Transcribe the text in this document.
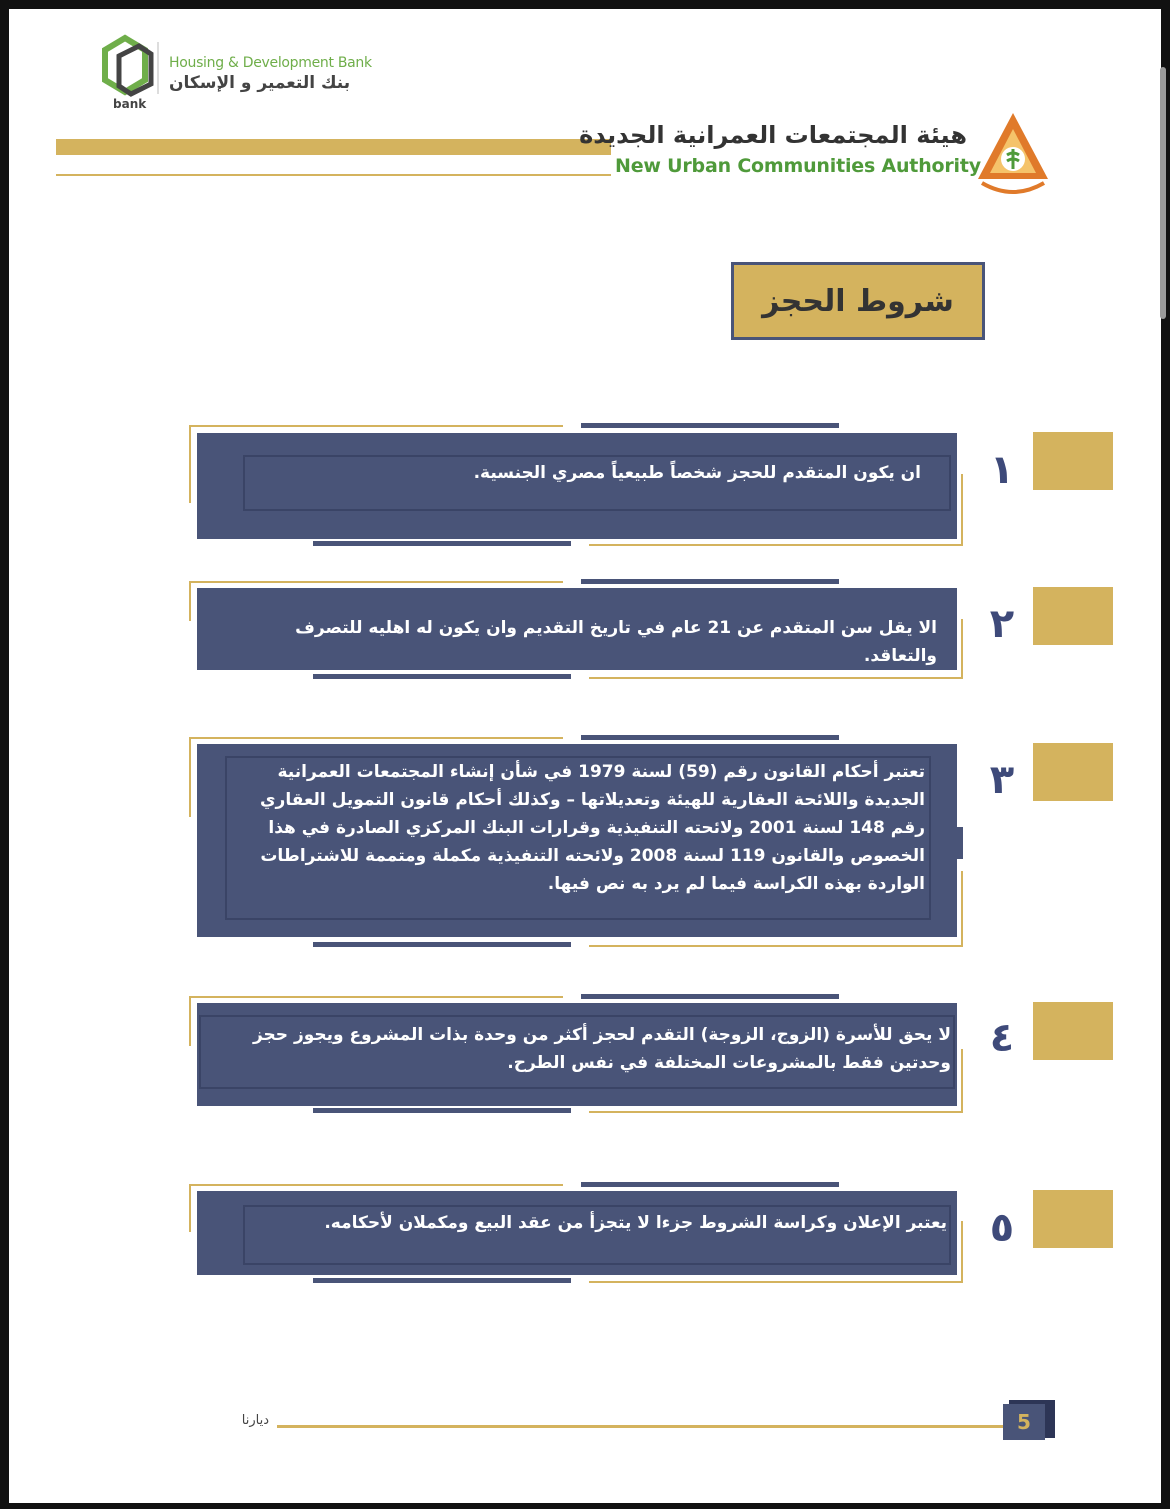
Housing & Development Bank
بنك التعمير و الإسكان
bank
هيئة المجتمعات العمرانية الجديدة
New Urban Communities Authority
شروط الحجز
١
ان يكون المتقدم للحجز شخصاً طبيعياً مصري الجنسية.
٢
الا يقل سن المتقدم عن 21 عام في تاريخ التقديم وان يكون له اهليه للتصرف والتعاقد.
٣
تعتبر أحكام القانون رقم (59) لسنة 1979 في شأن إنشاء المجتمعات العمرانية الجديدة واللائحة العقارية للهيئة وتعديلاتها – وكذلك أحكام قانون التمويل العقاري رقم 148 لسنة 2001 ولائحته التنفيذية وقرارات البنك المركزي الصادرة في هذا الخصوص والقانون 119 لسنة 2008 ولائحته التنفيذية مكملة ومتممة للاشتراطات الواردة بهذه الكراسة فيما لم يرد به نص فيها.
٤
لا يحق للأسرة (الزوج، الزوجة) التقدم لحجز أكثر من وحدة بذات المشروع ويجوز حجز وحدتين فقط بالمشروعات المختلفة في نفس الطرح.
٥
يعتبر الإعلان وكراسة الشروط جزءا لا يتجزأ من عقد البيع ومكملان لأحكامه.
5
ديارنا
